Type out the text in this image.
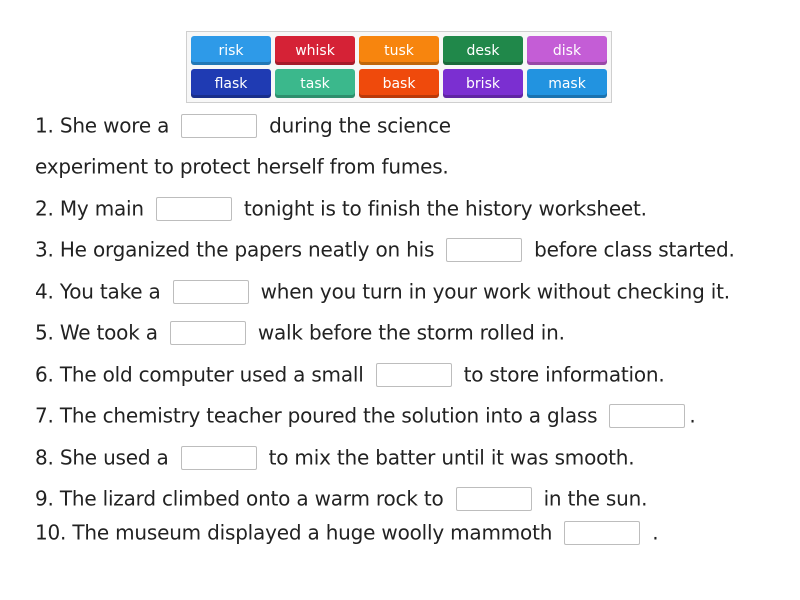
risk	whisk	tusk	desk	disk
flask	task	bask	brisk	mask
1. She wore a	during the science
experiment to protect herself from fumes.
2. My main	tonight is to finish the history worksheet.
3. He organized the papers neatly on his	before class started.
4. You take a	when you turn in your work without checking it.
5. We took a	walk before the storm rolled in.
6. The old computer used a small	to store information.
7. The chemistry teacher poured the solution into a glass	.
8. She used a	to mix the batter until it was smooth.
9. The lizard climbed onto a warm rock to	in the sun.
10. The museum displayed a huge woolly mammoth	.
